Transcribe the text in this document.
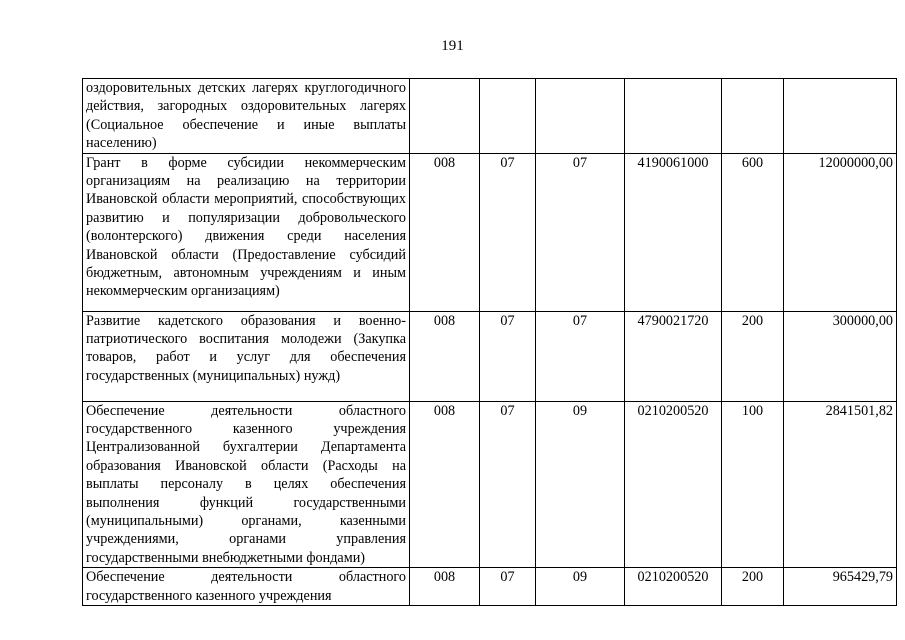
191
оздоровительных детских лагерях круглогодичного действия, загородных оздоровительных лагерях (Социальное обеспечение и иные выплаты населению)						
Грант в форме субсидии некоммерческим организациям на реализацию на территории Ивановской области мероприятий, способствующих развитию и популяризации добровольческого (волонтерского) движения среди населения Ивановской области (Предоставление субсидий бюджетным, автономным учреждениям и иным некоммерческим организациям)	008	07	07	4190061000	600	12000000,00
Развитие кадетского образования и военно-патриотического воспитания молодежи (Закупка товаров, работ и услуг для обеспечения государственных (муниципальных) нужд)	008	07	07	4790021720	200	300000,00
Обеспечение деятельности областного государственного казенного учреждения Централизованной бухгалтерии Департамента образования Ивановской области (Расходы на выплаты персоналу в целях обеспечения выполнения функций государственными (муниципальными) органами, казенными учреждениями, органами управления государственными внебюджетными фондами)	008	07	09	0210200520	100	2841501,82
Обеспечение деятельности областного государственного казенного учреждения	008	07	09	0210200520	200	965429,79
